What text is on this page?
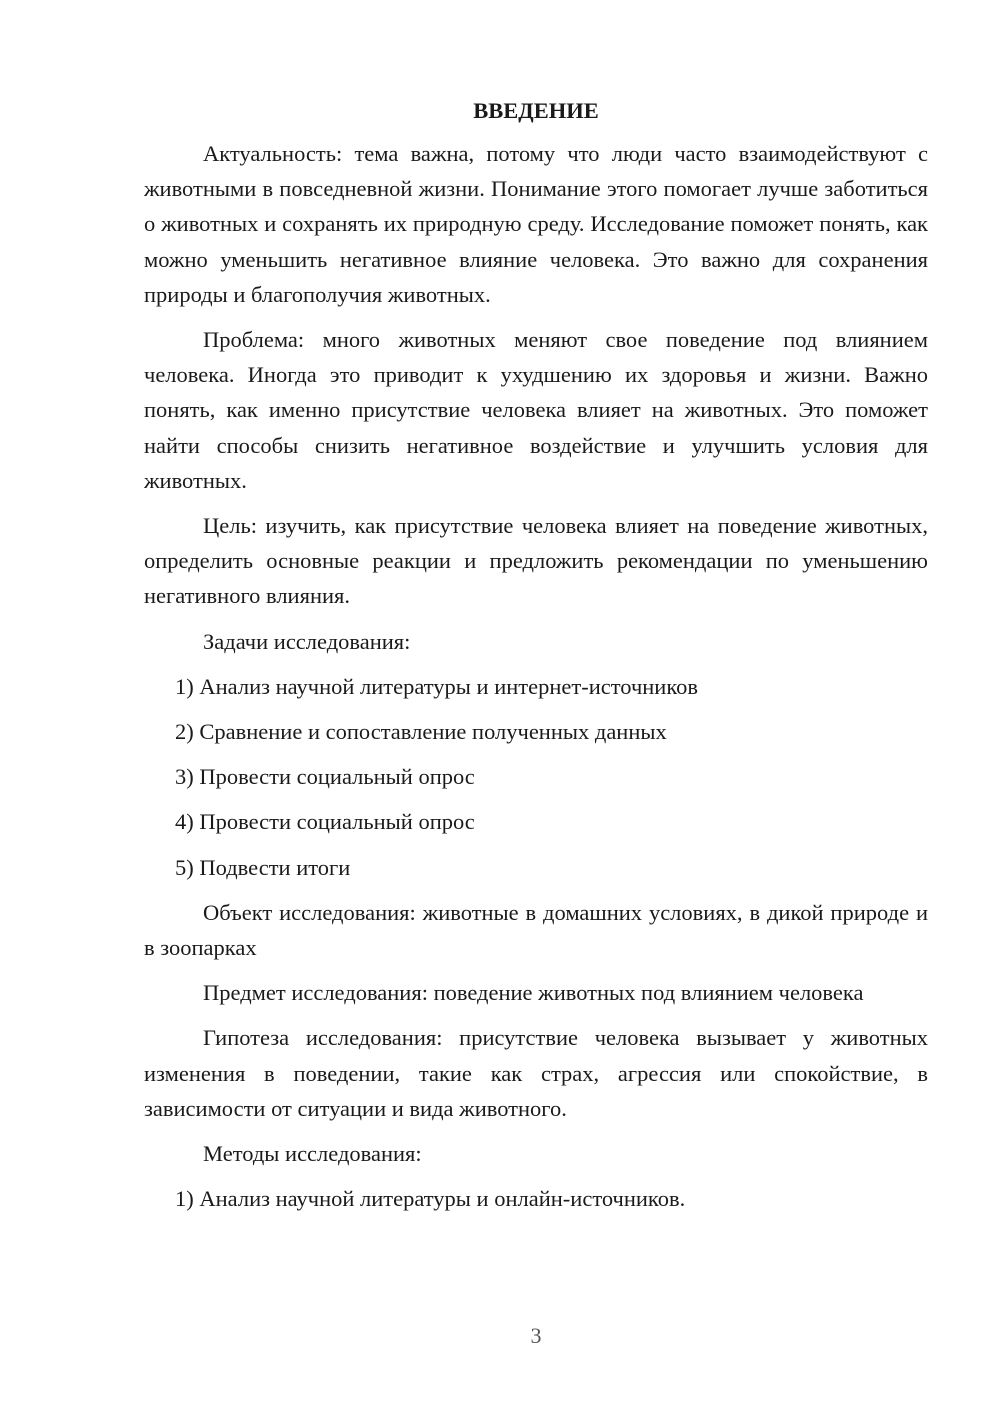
ВВЕДЕНИЕ

Актуальность: тема важна, потому что люди часто взаимодействуют с животными в повседневной жизни. Понимание этого помогает лучше заботиться о животных и сохранять их природную среду. Исследование поможет понять, как можно уменьшить негативное влияние человека. Это важно для сохранения природы и благополучия животных.

Проблема: много животных меняют свое поведение под влиянием человека. Иногда это приводит к ухудшению их здоровья и жизни. Важно понять, как именно присутствие человека влияет на животных. Это поможет найти способы снизить негативное воздействие и улучшить условия для животных.

Цель: изучить, как присутствие человека влияет на поведение животных, определить основные реакции и предложить рекомендации по уменьшению негативного влияния.

Задачи исследования:

1) Анализ научной литературы и интернет-источников

2) Сравнение и сопоставление полученных данных

3) Провести социальный опрос

4) Провести социальный опрос

5) Подвести итоги

Объект исследования: животные в домашних условиях, в дикой природе и в зоопарках

Предмет исследования: поведение животных под влиянием человека

Гипотеза исследования: присутствие человека вызывает у животных изменения в поведении, такие как страх, агрессия или спокойствие, в зависимости от ситуации и вида животного.

Методы исследования:

1) Анализ научной литературы и онлайн-источников.

3
